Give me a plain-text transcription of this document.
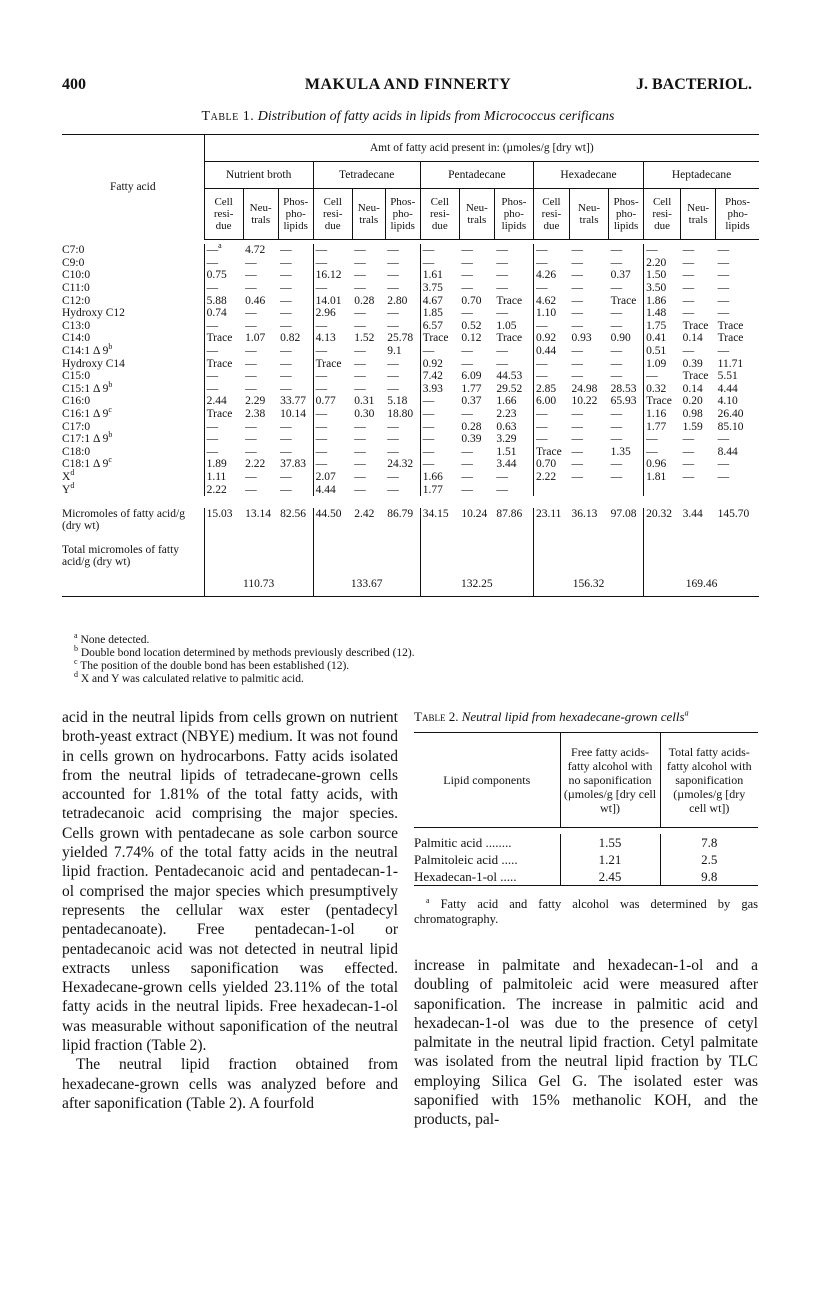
400	MAKULA AND FINNERTY	J. BACTERIOL.
Table 1. Distribution of fatty acids in lipids from Micrococcus cerificans
Fatty acid	Amt of fatty acid present in: (µmoles/g [dry wt])														
	Nutrient broth			Tetradecane			Pentadecane			Hexadecane			Heptadecane		
	Cell resi- due	Neu- trals	Phos- pho- lipids	Cell resi- due	Neu- trals	Phos- pho- lipids	Cell resi- due	Neu- trals	Phos- pho- lipids	Cell resi- due	Neu- trals	Phos- pho- lipids	Cell resi- due	Neu- trals	Phos- pho- lipids

C7:0	—$^a$	4.72	—	—	—	—	—	—	—	—	—	—	—	—	—
C9:0	—	—	—	—	—	—	—	—	—	—	—	—	2.20	—	—
C10:0	0.75	—	—	16.12	—	—	1.61	—	—	4.26	—	0.37	1.50	—	—
C11:0	—	—	—	—	—	—	3.75	—	—	—	—	—	3.50	—	—
C12:0	5.88	0.46	—	14.01	0.28	2.80	4.67	0.70	Trace	4.62	—	Trace	1.86	—	—
Hydroxy C12	0.74	—	—	2.96	—	—	1.85	—	—	1.10	—	—	1.48	—	—
C13:0	—	—	—	—	—	—	6.57	0.52	1.05	—	—	—	1.75	Trace	Trace
C14:0	Trace	1.07	0.82	4.13	1.52	25.78	Trace	0.12	Trace	0.92	0.93	0.90	0.41	0.14	Trace
C14:1 Δ 9$^b$	—	—	—	—	—	9.1	—	—	—	0.44	—	—	0.51	—	—
Hydroxy C14	Trace	—	—	Trace	—	—	0.92	—	—	—	—	—	1.09	0.39	11.71
C15:0	—	—	—	—	—	—	7.42	6.09	44.53	—	—	—	—	Trace	5.51
C15:1 Δ 9$^b$	—	—	—	—	—	—	3.93	1.77	29.52	2.85	24.98	28.53	0.32	0.14	4.44
C16:0	2.44	2.29	33.77	0.77	0.31	5.18	—	0.37	1.66	6.00	10.22	65.93	Trace	0.20	4.10
C16:1 Δ 9$^c$	Trace	2.38	10.14	—	0.30	18.80	—	—	2.23	—	—	—	1.16	0.98	26.40
C17:0	—	—	—	—	—	—	—	0.28	0.63	—	—	—	1.77	1.59	85.10
C17:1 Δ 9$^b$	—	—	—	—	—	—	—	0.39	3.29	—	—	—	—	—	—
C18:0	—	—	—	—	—	—	—	—	1.51	Trace	—	1.35	—	—	8.44
C18:1 Δ 9$^c$	1.89	2.22	37.83	—	—	24.32	—	—	3.44	0.70	—	—	0.96	—	—
$X^d$	1.11	—	—	2.07	—	—	1.66	—	—	2.22	—	—	1.81	—	—
$Y^d$	2.22	—	—	4.44	—	—	1.77	—	—						

Micromoles of fatty acid/g (dry wt)	15.03	13.14	82.56	44.50	2.42	86.79	34.15	10.24	87.86	23.11	36.13	97.08	20.32	3.44	145.70
Total micromoles of fatty acid/g (dry wt)	110.73			133.67			132.25			156.32			169.46		
$^a$ None detected.
$^b$ Double bond location determined by methods previously described (12).
$^c$ The position of the double bond has been established (12).
$^d$ X and Y was calculated relative to palmitic acid.

acid in the neutral lipids from cells grown on nutrient broth-yeast extract (NBYE) medium. It was not found in cells grown on hydrocarbons. Fatty acids isolated from the neutral lipids of tetradecane-grown cells accounted for 1.81% of the total fatty acids, with tetradecanoic acid comprising the major species. Cells grown with pentadecane as sole carbon source yielded 7.74% of the total fatty acids in the neutral lipid fraction. Pentadecanoic acid and pentadecan-1-ol comprised the major species which presumptively represents the cellular wax ester (pentadecyl pentadecanoate). Free pentadecan-1-ol or pentadecanoic acid was not detected in neutral lipid extracts unless saponification was effected. Hexadecane-grown cells yielded 23.11% of the total fatty acids in the neutral lipids. Free hexadecan-1-ol was measurable without saponification of the neutral lipid fraction (Table 2).

The neutral lipid fraction obtained from hexadecane-grown cells was analyzed before and after saponification (Table 2). A fourfold

Table 2. Neutral lipid from hexadecane-grown cells$^a$
Lipid components	Free fatty acids-fatty alcohol with no saponification (µmoles/g [dry cell wt])	Total fatty acids-fatty alcohol with saponification (µmoles/g [dry cell wt])

Palmitic acid ........	1.55	7.8
Palmitoleic acid .....	1.21	2.5
Hexadecan-1-ol .....	2.45	9.8
$^a$ Fatty acid and fatty alcohol was determined by gas chromatography.

increase in palmitate and hexadecan-1-ol and a doubling of palmitoleic acid were measured after saponification. The increase in palmitic acid and hexadecan-1-ol was due to the presence of cetyl palmitate in the neutral lipid fraction. Cetyl palmitate was isolated from the neutral lipid fraction by TLC employing Silica Gel G. The isolated ester was saponified with 15% methanolic KOH, and the products, pal-
